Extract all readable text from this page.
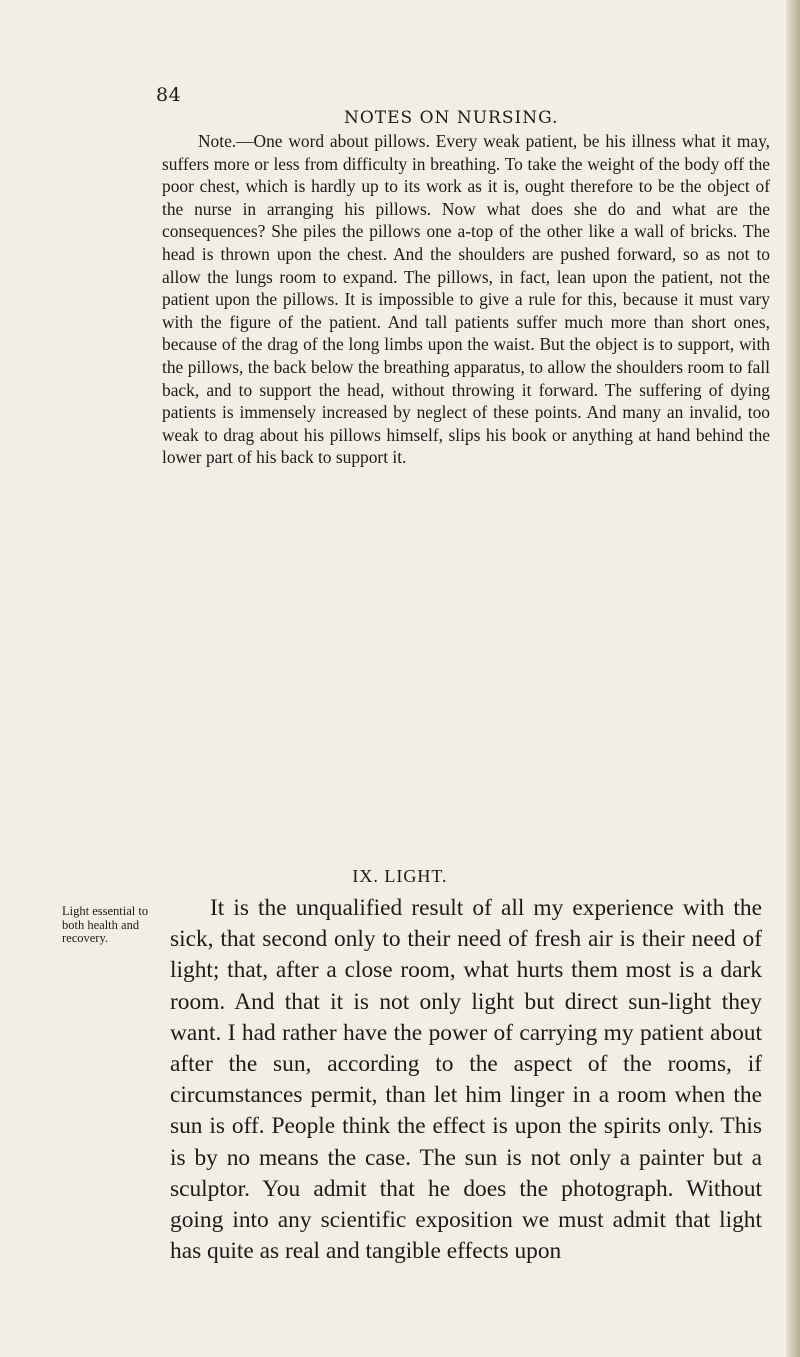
84
NOTES ON NURSING.

Note.—One word about pillows. Every weak patient, be his illness what it may, suffers more or less from difficulty in breathing. To take the weight of the body off the poor chest, which is hardly up to its work as it is, ought therefore to be the object of the nurse in arranging his pillows. Now what does she do and what are the consequences? She piles the pillows one a-top of the other like a wall of bricks. The head is thrown upon the chest. And the shoulders are pushed forward, so as not to allow the lungs room to expand. The pillows, in fact, lean upon the patient, not the patient upon the pillows. It is impossible to give a rule for this, because it must vary with the figure of the patient. And tall patients suffer much more than short ones, because of the drag of the long limbs upon the waist. But the object is to support, with the pillows, the back below the breathing apparatus, to allow the shoulders room to fall back, and to support the head, without throwing it forward. The suffering of dying patients is immensely increased by neglect of these points. And many an invalid, too weak to drag about his pillows himself, slips his book or anything at hand behind the lower part of his back to support it.

IX. LIGHT.
Light essential to both health and recovery.

It is the unqualified result of all my experience with the sick, that second only to their need of fresh air is their need of light; that, after a close room, what hurts them most is a dark room. And that it is not only light but direct sun-light they want. I had rather have the power of carrying my patient about after the sun, according to the aspect of the rooms, if circumstances permit, than let him linger in a room when the sun is off. People think the effect is upon the spirits only. This is by no means the case. The sun is not only a painter but a sculptor. You admit that he does the photograph. Without going into any scientific exposition we must admit that light has quite as real and tangible effects upon
